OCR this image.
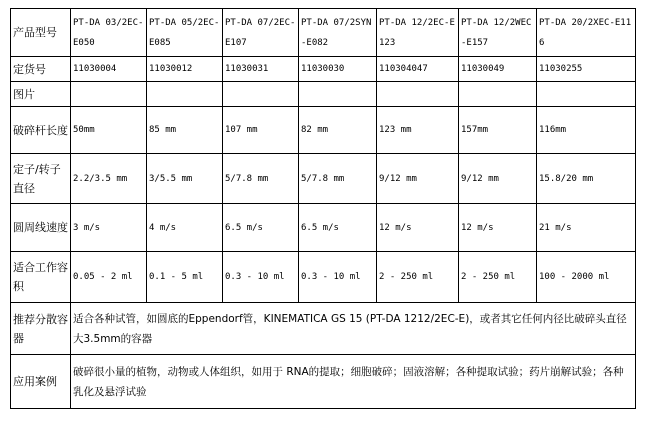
产品型号	PT-DA 03/2EC-E050	PT-DA 05/2EC-E085	PT-DA 07/2EC-E107	PT-DA 07/2SYN-E082	PT-DA 12/2EC-E123	PT-DA 12/2WEC-E157	PT-DA 20/2XEC-E116
定货号	11030004	11030012	11030031	11030030	110304047	11030049	11030255
图片							
破碎杆长度	50mm	85 mm	107 mm	82 mm	123 mm	157mm	116mm
定子/转子直径	2.2/3.5 mm	3/5.5 mm	5/7.8 mm	5/7.8 mm	9/12 mm	9/12 mm	15.8/20 mm
圆周线速度	3 m/s	4 m/s	6.5 m/s	6.5 m/s	12 m/s	12 m/s	21 m/s
适合工作容积	0.05 - 2 ml	0.1 - 5 ml	0.3 - 10 ml	0.3 - 10 ml	2 - 250 ml	2 - 250 ml	100 - 2000 ml
推荐分散容器	适合各种试管，如圆底的Eppendorf管，KINEMATICA GS 15 (PT-DA 1212/2EC-E)，或者其它任何内径比破碎头直径大3.5mm的容器						
应用案例	破碎很小量的植物，动物或人体组织，如用于 RNA的提取；细胞破碎；固液溶解；各种提取试验；药片崩解试验；各种乳化及悬浮试验						
